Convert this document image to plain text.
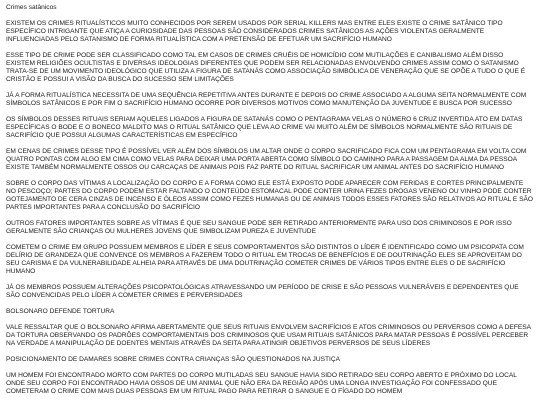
Crimes satânicos

EXISTEM OS CRIMES RITUALÍSTICOS MUITO CONHECIDOS POR SEREM USADOS POR SERIAL KILLERS MAS ENTRE ELES EXISTE O CRIME SATÂNICO TIPO ESPECÍFICO INTRIGANTE QUE ATIÇA A CURIOSIDADE DAS PESSOAS SÃO CONSIDERADOS CRIMES SATÂNICOS AS AÇÕES VIOLENTAS GERALMENTE INFLUENCIADAS PELO SATANISMO DE FORMA RITUALÍSTICA COM A PRETENSÃO DE EFETUAR UM SACRIFÍCIO HUMANO

ESSE TIPO DE CRIME PODE SER CLASSIFICADO COMO TAL EM CASOS DE CRIMES CRUÉIS DE HOMICÍDIO COM MUTILAÇÕES E CANIBALISMO ALÉM DISSO EXISTEM RELIGIÕES OCULTISTAS E DIVERSAS IDEOLOGIAS DIFERENTES QUE PODEM SER RELACIONADAS ENVOLVENDO CRIMES ASSIM COMO O SATANISMO TRATA-SE DE UM MOVIMENTO IDEOLÓGICO QUE UTILIZA A FIGURA DE SATANÁS COMO ASSOCIAÇÃO SIMBÓLICA DE VENERAÇÃO QUE SE OPÕE A TUDO O QUE É CRISTÃO E POSSUI A VISÃO DA BUSCA DO SUCESSO SEM LIMITAÇÕES

JÁ A FORMA RITUALÍSTICA NECESSITA DE UMA SEQUÊNCIA REPETITIVA ANTES DURANTE E DEPOIS DO CRIME ASSOCIADO A ALGUMA SEITA NORMALMENTE COM SÍMBOLOS SATÂNICOS E POR FIM O SACRIFÍCIO HUMANO OCORRE POR DIVERSOS MOTIVOS COMO MANUTENÇÃO DA JUVENTUDE E BUSCA POR SUCESSO

OS SÍMBOLOS DESSES RITUAIS SERIAM AQUELES LIGADOS A FIGURA DE SATANÁS COMO O PENTAGRAMA VELAS O NÚMERO 6 CRUZ INVERTIDA ATO EM DATAS ESPECÍFICAS O BODE E O BONECO MALDITO MAS O RITUAL SATÂNICO QUE LEVA AO CRIME VAI MUITO ALÉM DE SÍMBOLOS NORMALMENTE SÃO RITUAIS DE SACRIFÍCIO QUE POSSUI ALGUMAS CARACTERÍSTICAS EM ESPECÍFICO

EM CENAS DE CRIMES DESSE TIPO É POSSÍVEL VER ALÉM DOS SÍMBOLOS UM ALTAR ONDE O CORPO SACRIFICADO FICA COM UM PENTAGRAMA EM VOLTA COM QUATRO PONTAS COM ALGO EM CIMA COMO VELAS PARA DEIXAR UMA PORTA ABERTA COMO SÍMBOLO DO CAMINHO PARA A PASSAGEM DA ALMA DA PESSOA EXISTE TAMBÉM NORMALMENTE OSSOS OU CARCAÇAS DE ANIMAIS POIS FAZ PARTE DO RITUAL SACRIFICAR UM ANIMAL ANTES DO SACRIFÍCIO HUMANO

SOBRE O CORPO DAS VÍTIMAS A LOCALIZAÇÃO DO CORPO E A FORMA COMO ELE ESTÁ EXPOSTO PODE APARECER COM FERIDAS E CORTES PRINCIPALMENTE NO PESCOÇO; PARTES DO CORPO PODEM ESTAR FALTANDO O CONTEÚDO ESTOMACAL PODE CONTER URINA FEZES DROGAS VENENO OU VINHO PODE CONTER GOTEJAMENTO DE CERA CINZAS DE INCENSO E ÓLEOS ASSIM COMO FEZES HUMANAS OU DE ANIMAIS TODOS ESSES FATORES SÃO RELATIVOS AO RITUAL E SÃO PARTES IMPORTANTES PARA A CONCLUSÃO DO SACRIFÍCIO

OUTROS FATORES IMPORTANTES SOBRE AS VÍTIMAS É QUE SEU SANGUE PODE SER RETIRADO ANTERIORMENTE PARA USO DOS CRIMINOSOS E POR ISSO GERALMENTE SÃO CRIANÇAS OU MULHERES JOVENS QUE SIMBOLIZAM PUREZA E JUVENTUDE

COMETEM O CRIME EM GRUPO POSSUEM MEMBROS E LÍDER E SEUS COMPORTAMENTOS SÃO DISTINTOS O LÍDER É IDENTIFICADO COMO UM PSICOPATA COM DELÍRIO DE GRANDEZA QUE CONVENCE OS MEMBROS A FAZEREM TODO O RITUAL EM TROCAS DE BENEFÍCIOS E DE DOUTRINAÇÃO ELES SE APROVEITAM DO SEU CARISMA E DA VULNERABILIDADE ALHEIA PARA ATRAVÉS DE UMA DOUTRINAÇÃO COMETER CRIMES DE VÁRIOS TIPOS ENTRE ELES O DE SACRIFÍCIO HUMANO

JÁ OS MEMBROS POSSUEM ALTERAÇÕES PSICOPATOLÓGICAS ATRAVESSANDO UM PERÍODO DE CRISE E SÃO PESSOAS VULNERÁVEIS E DEPENDENTES QUE SÃO CONVENCIDAS PELO LÍDER A COMETER CRIMES E PERVERSIDADES

BOLSONARO DEFENDE TORTURA

VALE RESSALTAR QUE O BOLSONARO AFIRMA ABERTAMENTE QUE SEUS RITUAIS ENVOLVEM SACRIFÍCIOS E ATOS CRIMINOSOS OU PERVERSOS COMO A DEFESA DA TORTURA OBSERVANDO OS PADRÕES COMPORTAMENTAIS DOS CRIMINOSOS QUE USAM RITUAIS SATÂNICOS PARA MATAR PESSOAS É POSSÍVEL PERCEBER NA VERDADE A MANIPULAÇÃO DE DOENTES MENTAIS ATRAVÉS DA SEITA PARA ATINGIR OBJETIVOS PERVERSOS DE SEUS LÍDERES

POSICIONAMENTO DE DAMARES SOBRE CRIMES CONTRA CRIANÇAS SÃO QUESTIONADOS NA JUSTIÇA

UM HOMEM FOI ENCONTRADO MORTO COM PARTES DO CORPO MUTILADAS SEU SANGUE HAVIA SIDO RETIRADO SEU CORPO ABERTO E PRÓXIMO DO LOCAL ONDE SEU CORPO FOI ENCONTRADO HAVIA OSSOS DE UM ANIMAL QUE NÃO ERA DA REGIÃO APÓS UMA LONGA INVESTIGAÇÃO FOI CONFESSADO QUE COMETERAM O CRIME COM MAIS DUAS PESSOAS EM UM RITUAL PAGO PARA RETIRAR O SANGUE E O FÍGADO DO HOMEM
